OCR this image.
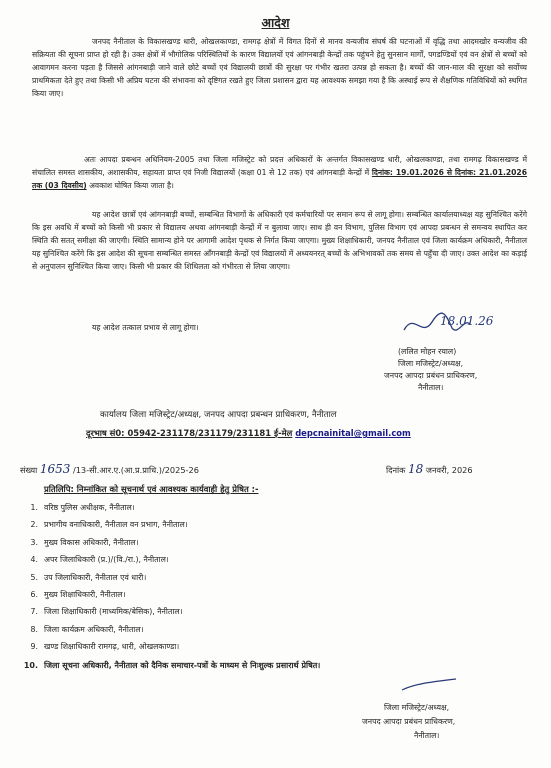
आदेश
जनपद नैनीताल के विकासखण्ड धारी, ओखलकाण्डा, रामगढ़ क्षेत्रों में विगत दिनों से मानव वन्यजीव संघर्ष की घटनाओं में वृद्धि तथा आदमखोर वन्यजीव की सक्रियता की सूचना प्राप्त हो रही है। उक्त क्षेत्रों में भौगोलिक परिस्थितियों के कारण विद्यालयों एवं आंगनबाड़ी केन्द्रों तक पहुंचने हेतु सुनसान मार्गों, पगडण्डियों एवं वन क्षेत्रों से बच्चों को आवागमन करना पड़ता है जिससे आंगनबाड़ी जाने वाले छोटे बच्चों एवं विद्यालयी छात्रों की सुरक्षा पर गंभीर खतरा उत्पन्न हो सकता है। बच्चों की जान-माल की सुरक्षा को सर्वोच्च प्राथमिकता देते हुए तथा किसी भी अप्रिय घटना की संभावना को दृष्टिगत रखते हुए जिला प्रशासन द्वारा यह आवश्यक समझा गया है कि अस्थाई रूप से शैक्षणिक गतिविधियों को स्थगित किया जाए।
अतः आपदा प्रबन्धन अधिनियम-2005 तथा जिला मजिस्ट्रेट को प्रदत्त अधिकारों के अन्तर्गत विकासखण्ड धारी, ओखलकाण्डा, तथा रामगढ़ विकासखण्ड में संचालित समस्त शासकीय, अशासकीय, सहायता प्राप्त एवं निजी विद्यालयों (कक्षा 01 से 12 तक) एवं आंगनबाड़ी केन्द्रों में दिनांक: 19.01.2026 से दिनांक: 21.01.2026 तक (03 दिवसीय) अवकाश घोषित किया जाता है।
यह आदेश छात्रों एवं आंगनबाड़ी बच्चों, सम्बन्धित विभागों के अधिकारी एवं कर्मचारियों पर समान रूप से लागू होगा। सम्बन्धित कार्यालयाध्यक्ष यह सुनिश्चित करेंगे कि इस अवधि में बच्चों को किसी भी प्रकार से विद्यालय अथवा आंगनबाड़ी केन्द्रों में न बुलाया जाए। साथ ही वन विभाग, पुलिस विभाग एवं आपदा प्रबन्धन से समन्वय स्थापित कर स्थिति की सतत् समीक्षा की जाएगी। स्थिति सामान्य होने पर आगामी आदेश पृथक से निर्गत किया जाएगा। मुख्य शिक्षाधिकारी, जनपद नैनीताल एवं जिला कार्यक्रम अधिकारी, नैनीताल यह सुनिश्चित करेंगे कि इस आदेश की सूचना सम्बन्धित समस्त आँगनबाड़ी केन्द्रों एवं विद्यालयों में अध्ययनरत् बच्चों के अभिभावकों तक समय से पहुँचा दी जाए। उक्त आदेश का कड़ाई से अनुपालन सुनिश्चित किया जाए। किसी भी प्रकार की शिथिलता को गंभीरता से लिया जाएगा।
यह आदेश तत्काल प्रभाव से लागू होगा।	18.01.26
(ललित मोहन रयाल)
जिला मजिस्ट्रेट/अध्यक्ष,
जनपद आपदा प्रबंधन प्राधिकरण,
नैनीताल।
कार्यालय जिला मजिस्ट्रेट/अध्यक्ष, जनपद आपदा प्रबन्धन प्राधिकरण, नैनीताल
दूरभाष सं0: 05942-231178/231179/231181 ई-मेल depcnainital@gmail.com
संख्या 1653 /13-सी.आर.ए.(आ.प्र.प्राधि.)/2025-26	दिनांक 18 जनवरी, 2026
प्रतिलिपि: निम्नांकित को सूचनार्थ एवं आवश्यक कार्यवाही हेतु प्रेषित :-
1. वरिष्ठ पुलिस अधीक्षक, नैनीताल।
2. प्रभागीय वनाधिकारी, नैनीताल वन प्रभाग, नैनीताल।
3. मुख्य विकास अधिकारी, नैनीताल।
4. अपर जिलाधिकारी (प्र.)/(वि./रा.), नैनीताल।
5. उप जिलाधिकारी, नैनीताल एवं धारी।
6. मुख्य शिक्षाधिकारी, नैनीताल।
7. जिला शिक्षाधिकारी (माध्यमिक/बेसिक), नैनीताल।
8. जिला कार्यक्रम अधिकारी, नैनीताल।
9. खण्ड शिक्षाधिकारी रामगढ़, धारी, ओखलकाण्डा।
10. जिला सूचना अधिकारी, नैनीताल को दैनिक समाचार-पत्रों के माध्यम से निःशुल्क प्रसारार्थ प्रेषित।
जिला मजिस्ट्रेट/अध्यक्ष,
जनपद आपदा प्रबंधन प्राधिकरण,
नैनीताल।
